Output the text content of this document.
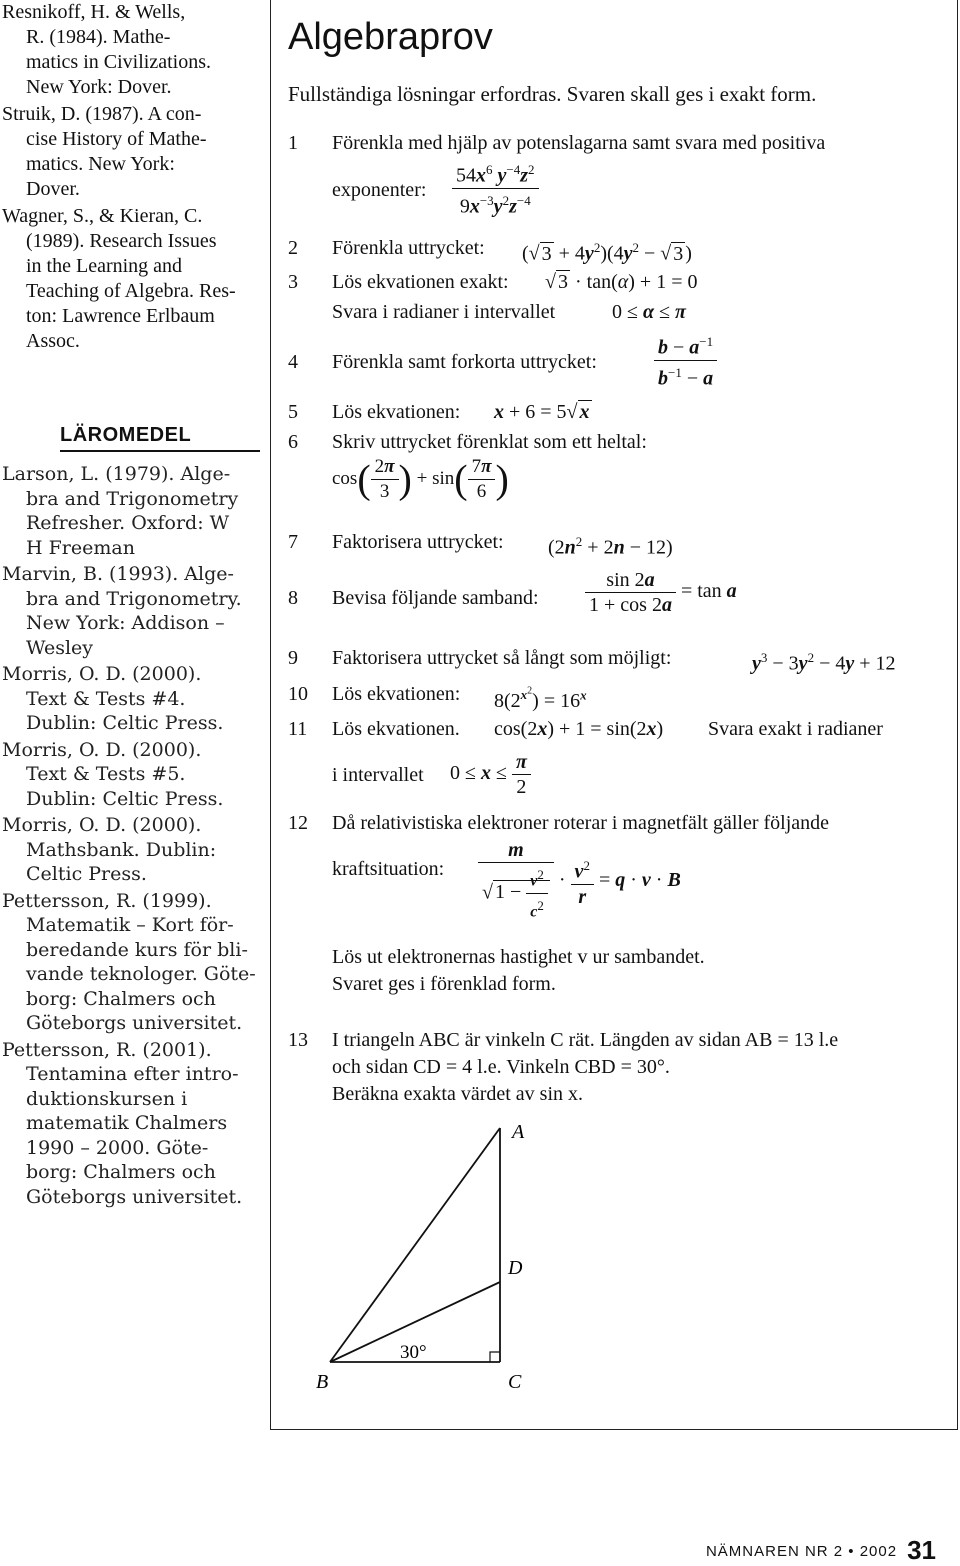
Resnikoff, H. & Wells,
R. (1984). Mathe-
matics in Civilizations.
New York: Dover.
Struik, D. (1987). A con-
cise History of Mathe-
matics. New York:
Dover.
Wagner, S., & Kieran, C.
(1989). Research Issues
in the Learning and
Teaching of Algebra. Res-
ton: Lawrence Erlbaum
Assoc.
LÄROMEDEL
Larson, L. (1979). Alge-
bra and Trigonometry
Refresher. Oxford: W
H Freeman
Marvin, B. (1993). Alge-
bra and Trigonometry.
New York: Addison –
Wesley
Morris, O. D. (2000).
Text & Tests #4.
Dublin: Celtic Press.
Morris, O. D. (2000).
Text & Tests #5.
Dublin: Celtic Press.
Morris, O. D. (2000).
Mathsbank. Dublin:
Celtic Press.
Pettersson, R. (1999).
Matematik – Kort för-
beredande kurs för bli-
vande teknologer. Göte-
borg: Chalmers och
Göteborgs universitet.
Pettersson, R. (2001).
Tentamina efter intro-
duktionskursen i
matematik Chalmers
1990 – 2000. Göte-
borg: Chalmers och
Göteborgs universitet.
Algebraprov
Fullständiga lösningar erfordras. Svaren skall ges i exakt form.
1 Förenkla med hjälp av potenslagarna samt svara med positiva
exponenter: $\frac{54x^6 y^{-4}z^2}{9x^{-3}y^2z^{-4}}$
2 Förenkla uttrycket: (√ $3 + 4y^2)(4y^2$ − √ 3 )
3 Lös ekvationen exakt: √ 3 · tan(α) + 1 = 0
Svara i radianer i intervallet	0 ≤ α ≤ π
4 Förenkla samt forkorta uttrycket:	$\frac{b - a^{-1}}{b^{-1} - a}$
5 Lös ekvationen: x + 6 = 5√ x
6 Skriv uttrycket förenklat som ett heltal:
$\cos( \frac{2\pi}{3}$ ) + $\sin( \frac{7\pi}{6}$ )
7 Faktorisera uttrycket: $(2n^2 + 2n - 12)$
8 Bevisa följande samband: $\frac{\sin 2a}{1 + \cos 2a} = \tan a$
9 Faktorisera uttrycket så långt som möjligt:	$y^3 - 3y^2 - 4y + 12$
10 Lös ekvationen: $8(2^{x^2}) = 16^x$
11 Lös ekvationen. cos(2x) + 1 = sin(2x) Svara exakt i radianer
i intervallet $0 \le x \le \frac{\pi}{2}$
12 Då relativistiska elektroner roterar i magnetfält gäller följande
kraftsituation: $\frac{m}{√ 1 - \frac{v^2}{c^2}} \cdot \frac{v^2}{r} = q \cdot v \cdot B$
Lös ut elektronernas hastighet v ur sambandet.
Svaret ges i förenklad form.
13 I triangeln ABC är vinkeln C rät. Längden av sidan AB = 13 l.e
och sidan CD = 4 l.e. Vinkeln CBD = 30°.
Beräkna exakta värdet av sin x.
A
D
B	C
30°
NÄMNAREN NR 2 • 2002 31
